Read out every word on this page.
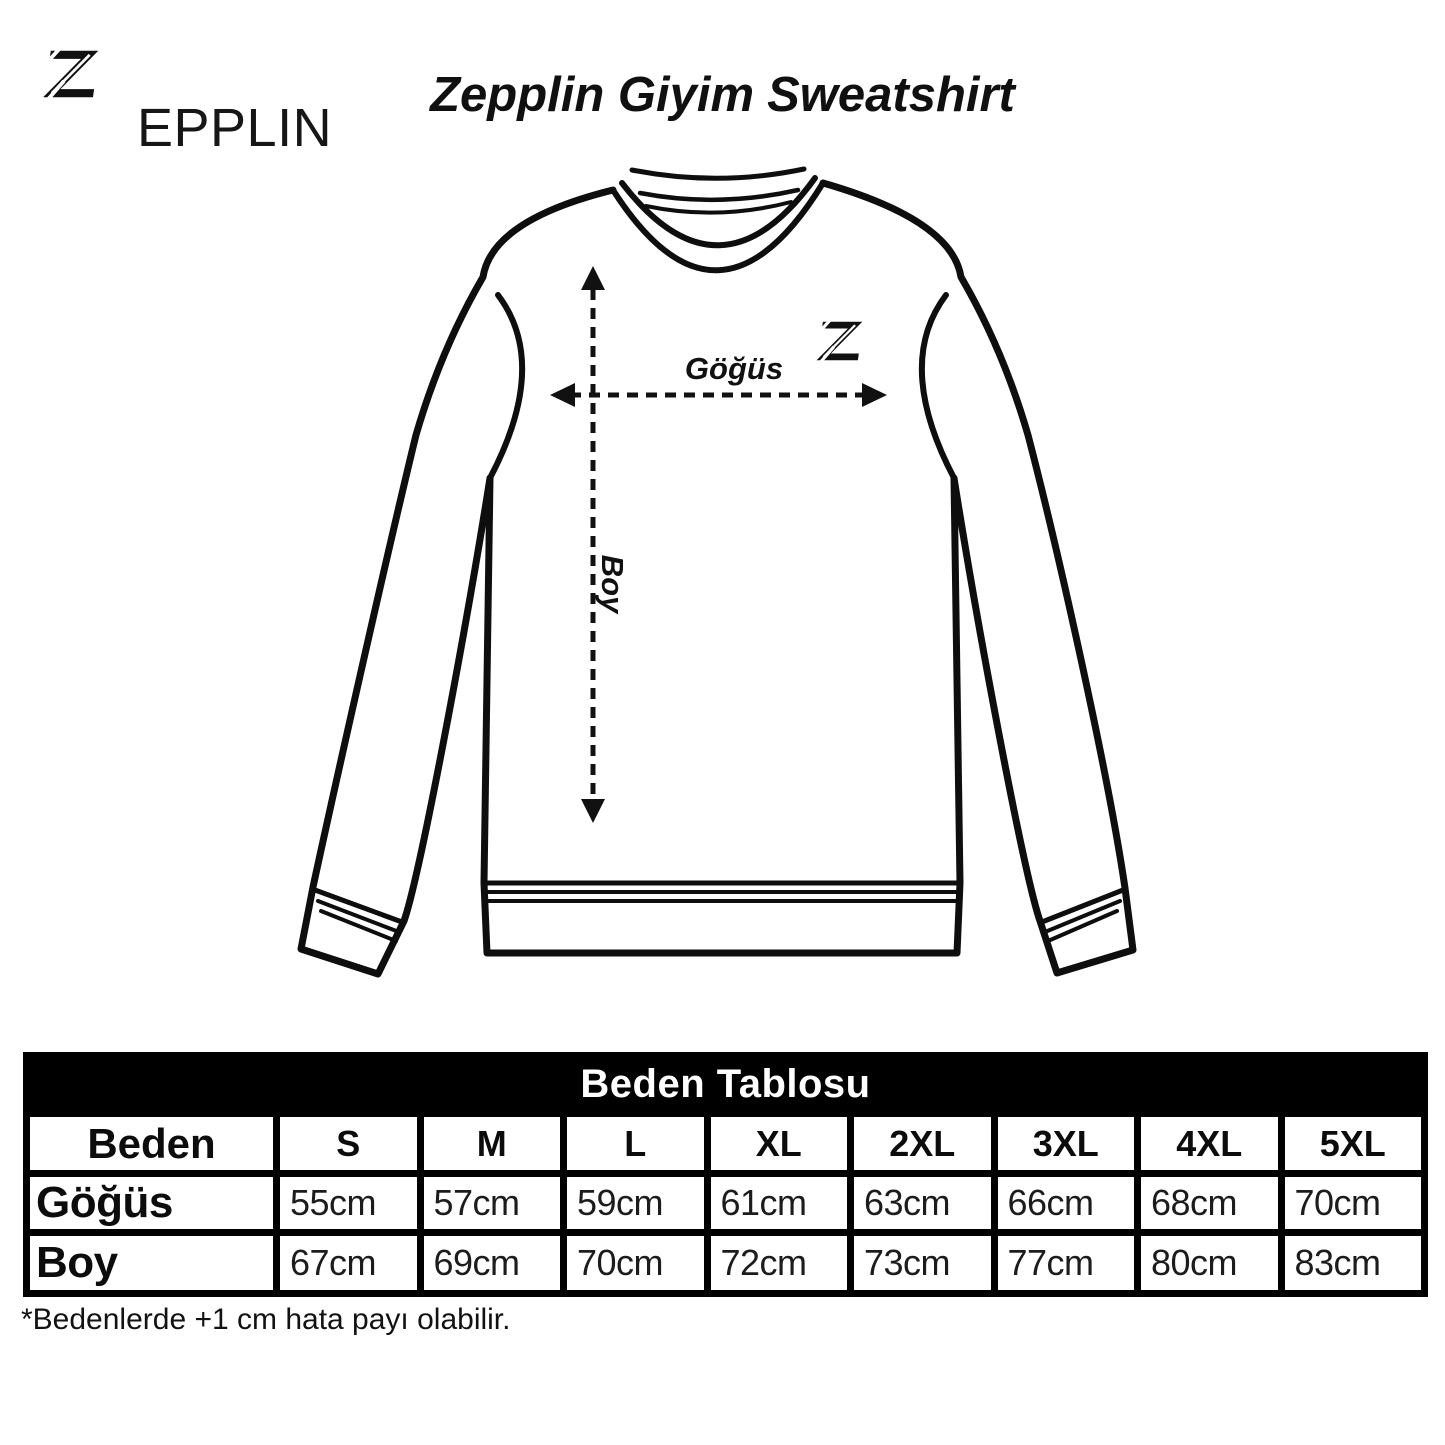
EPPLIN
Zepplin Giyim Sweatshirt
Göğüs
Boy
Beden Tablosu
Beden	S	M	L	XL	2XL	3XL	4XL	5XL
Göğüs	55cm	57cm	59cm	61cm	63cm	66cm	68cm	70cm
Boy	67cm	69cm	70cm	72cm	73cm	77cm	80cm	83cm
*Bedenlerde +1 cm hata payı olabilir.
